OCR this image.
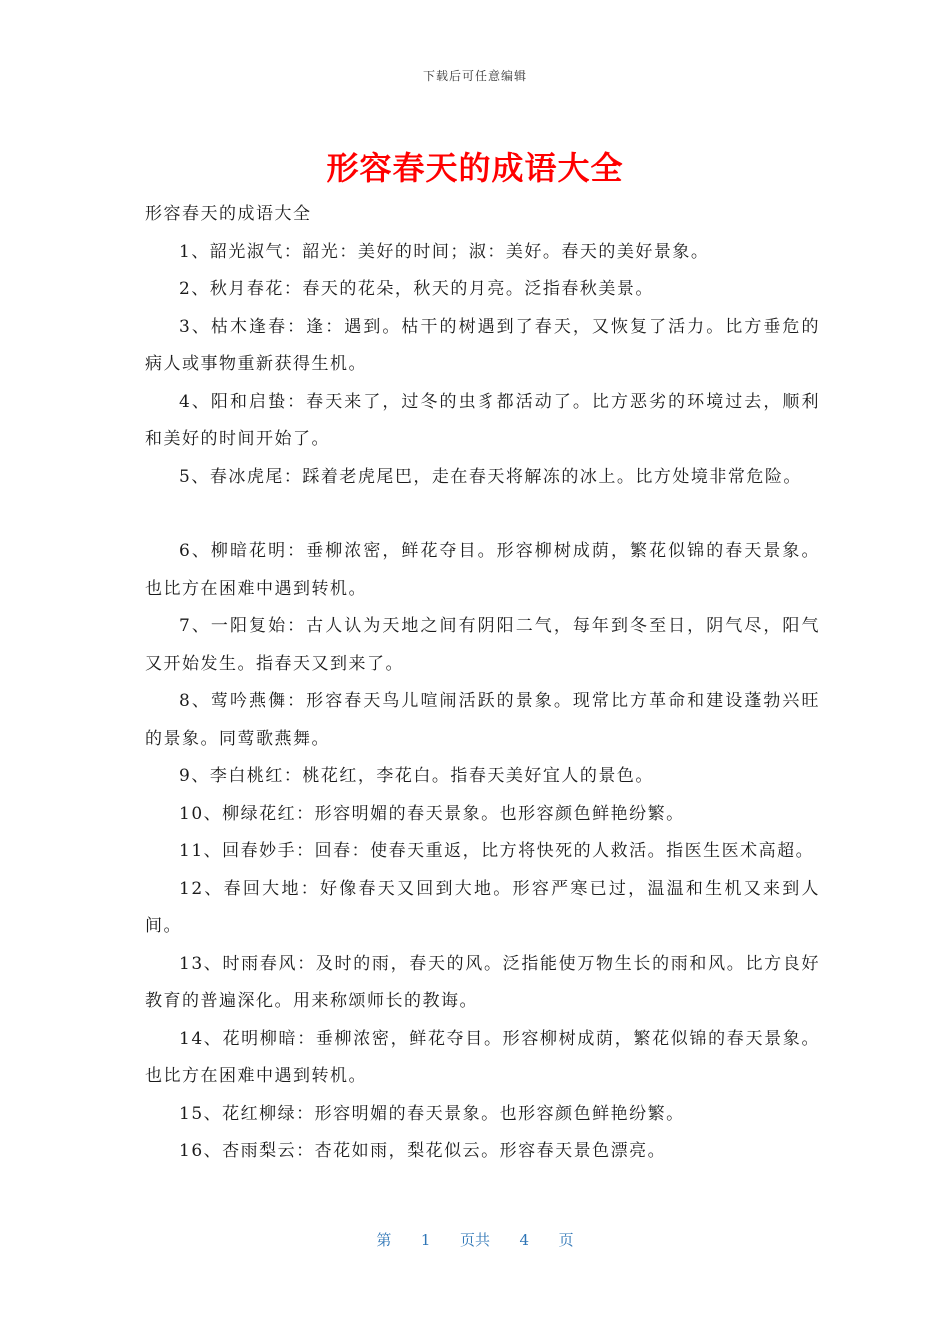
下载后可任意编辑
形容春天的成语大全

形容春天的成语大全

1、韶光淑气：韶光：美好的时间；淑：美好。春天的美好景象。

2、秋月春花：春天的花朵，秋天的月亮。泛指春秋美景。

3、枯木逢春：逢：遇到。枯干的树遇到了春天，又恢复了活力。比方垂危的病人或事物重新获得生机。

4、阳和启蛰：春天来了，过冬的虫豸都活动了。比方恶劣的环境过去，顺利和美好的时间开始了。

5、春冰虎尾：踩着老虎尾巴，走在春天将解冻的冰上。比方处境非常危险。

6、柳暗花明：垂柳浓密，鲜花夺目。形容柳树成荫，繁花似锦的春天景象。也比方在困难中遇到转机。

7、一阳复始：古人认为天地之间有阴阳二气，每年到冬至日，阴气尽，阳气又开始发生。指春天又到来了。

8、莺吟燕儛：形容春天鸟儿喧闹活跃的景象。现常比方革命和建设蓬勃兴旺的景象。同莺歌燕舞。

9、李白桃红：桃花红，李花白。指春天美好宜人的景色。

10、柳绿花红：形容明媚的春天景象。也形容颜色鲜艳纷繁。

11、回春妙手：回春：使春天重返，比方将快死的人救活。指医生医术高超。

12、春回大地：好像春天又回到大地。形容严寒已过，温温和生机又来到人间。

13、时雨春风：及时的雨，春天的风。泛指能使万物生长的雨和风。比方良好教育的普遍深化。用来称颂师长的教诲。

14、花明柳暗：垂柳浓密，鲜花夺目。形容柳树成荫，繁花似锦的春天景象。也比方在困难中遇到转机。

15、花红柳绿：形容明媚的春天景象。也形容颜色鲜艳纷繁。

16、杏雨梨云：杏花如雨，梨花似云。形容春天景色漂亮。

第  1  页共  4  页
